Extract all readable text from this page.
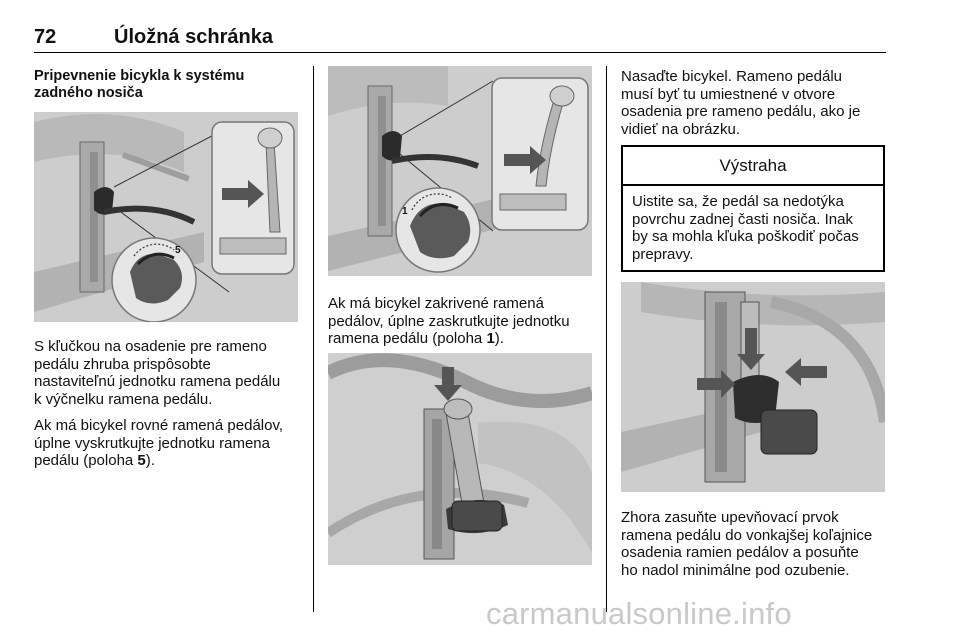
72	Úložná schránka
Pripevnenie bicykla k systému
zadného nosiča
5
S kľučkou na osadenie pre rameno
pedálu zhruba prispôsobte
nastaviteľnú jednotku ramena pedálu
k výčnelku ramena pedálu.
Ak má bicykel rovné ramená pedálov,
úplne vyskrutkujte jednotku ramena
pedálu (poloha 5).
1
Ak má bicykel zakrivené ramená
pedálov, úplne zaskrutkujte jednotku
ramena pedálu (poloha 1).
Nasaďte bicykel. Rameno pedálu
musí byť tu umiestnené v otvore
osadenia pre rameno pedálu, ako je
vidieť na obrázku.
Výstraha
Uistite sa, že pedál sa nedotýka
povrchu zadnej časti nosiča. Inak
by sa mohla kľuka poškodiť počas
prepravy.
Zhora zasuňte upevňovací prvok
ramena pedálu do vonkajšej koľajnice
osadenia ramien pedálov a posuňte
ho nadol minimálne pod ozubenie.
carmanualsonline.info
